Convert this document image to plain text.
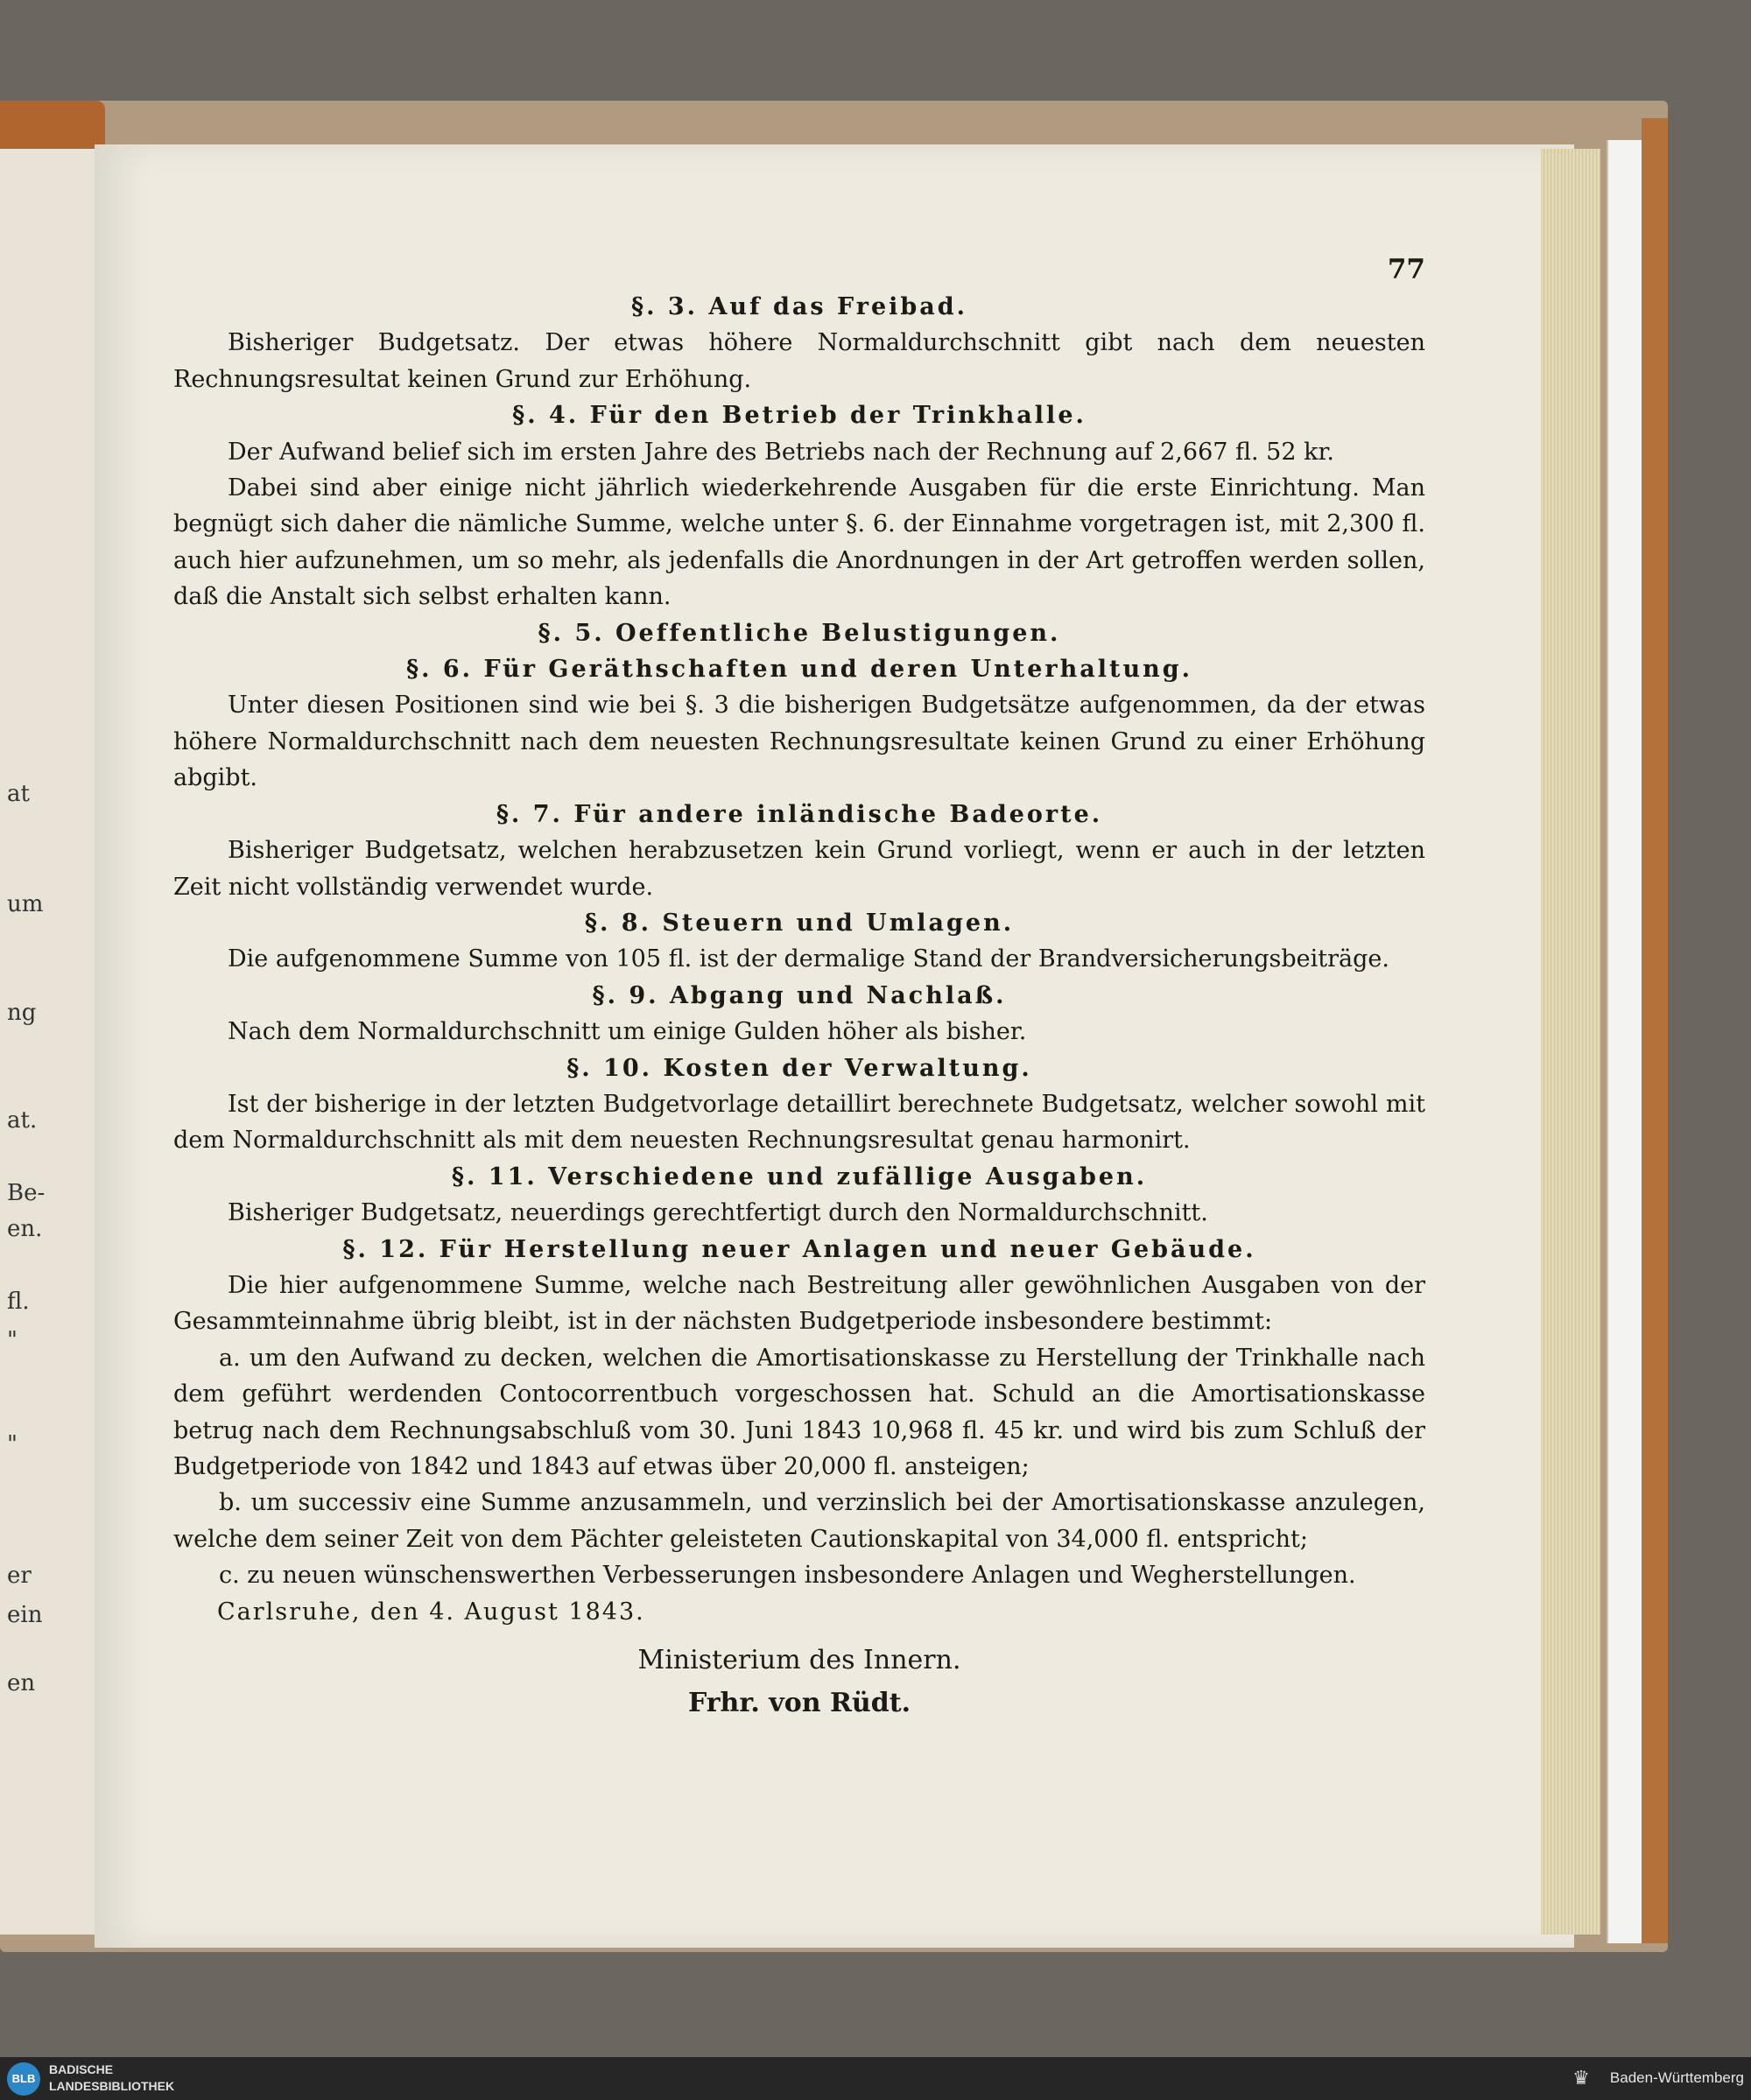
at
um
ng
at.
Be-
en.
fl.
"
"
er
ein
en
77
§. 3. Auf das Freibad.
Bisheriger Budgetsatz. Der etwas höhere Normaldurchschnitt gibt nach dem neuesten Rechnungsresultat keinen Grund zur Erhöhung.
§. 4. Für den Betrieb der Trinkhalle.
Der Aufwand belief sich im ersten Jahre des Betriebs nach der Rechnung auf 2,667 fl. 52 kr.
Dabei sind aber einige nicht jährlich wiederkehrende Ausgaben für die erste Einrichtung. Man begnügt sich daher die nämliche Summe, welche unter §. 6. der Einnahme vorgetragen ist, mit 2,300 fl. auch hier aufzunehmen, um so mehr, als jedenfalls die Anordnungen in der Art getroffen werden sollen, daß die Anstalt sich selbst erhalten kann.
§. 5. Oeffentliche Belustigungen.
§. 6. Für Geräthschaften und deren Unterhaltung.
Unter diesen Positionen sind wie bei §. 3 die bisherigen Budgetsätze aufgenommen, da der etwas höhere Normaldurchschnitt nach dem neuesten Rechnungsresultate keinen Grund zu einer Erhöhung abgibt.
§. 7. Für andere inländische Badeorte.
Bisheriger Budgetsatz, welchen herabzusetzen kein Grund vorliegt, wenn er auch in der letzten Zeit nicht vollständig verwendet wurde.
§. 8. Steuern und Umlagen.
Die aufgenommene Summe von 105 fl. ist der dermalige Stand der Brandversicherungsbeiträge.
§. 9. Abgang und Nachlaß.
Nach dem Normaldurchschnitt um einige Gulden höher als bisher.
§. 10. Kosten der Verwaltung.
Ist der bisherige in der letzten Budgetvorlage detaillirt berechnete Budgetsatz, welcher sowohl mit dem Normaldurchschnitt als mit dem neuesten Rechnungsresultat genau harmonirt.
§. 11. Verschiedene und zufällige Ausgaben.
Bisheriger Budgetsatz, neuerdings gerechtfertigt durch den Normaldurchschnitt.
§. 12. Für Herstellung neuer Anlagen und neuer Gebäude.
Die hier aufgenommene Summe, welche nach Bestreitung aller gewöhnlichen Ausgaben von der Gesammteinnahme übrig bleibt, ist in der nächsten Budgetperiode insbesondere bestimmt:
a. um den Aufwand zu decken, welchen die Amortisationskasse zu Herstellung der Trinkhalle nach dem geführt werdenden Contocorrentbuch vorgeschossen hat. Schuld an die Amortisationskasse betrug nach dem Rechnungsabschluß vom 30. Juni 1843 10,968 fl. 45 kr. und wird bis zum Schluß der Budgetperiode von 1842 und 1843 auf etwas über 20,000 fl. ansteigen;
b. um successiv eine Summe anzusammeln, und verzinslich bei der Amortisationskasse anzulegen, welche dem seiner Zeit von dem Pächter geleisteten Cautionskapital von 34,000 fl. entspricht;
c. zu neuen wünschenswerthen Verbesserungen insbesondere Anlagen und Wegherstellungen.
Carlsruhe, den 4. August 1843.
Ministerium des Innern.
Frhr. von Rüdt.
BLB
BADISCHE
LANDESBIBLIOTHEK	♛ Baden-Württemberg
